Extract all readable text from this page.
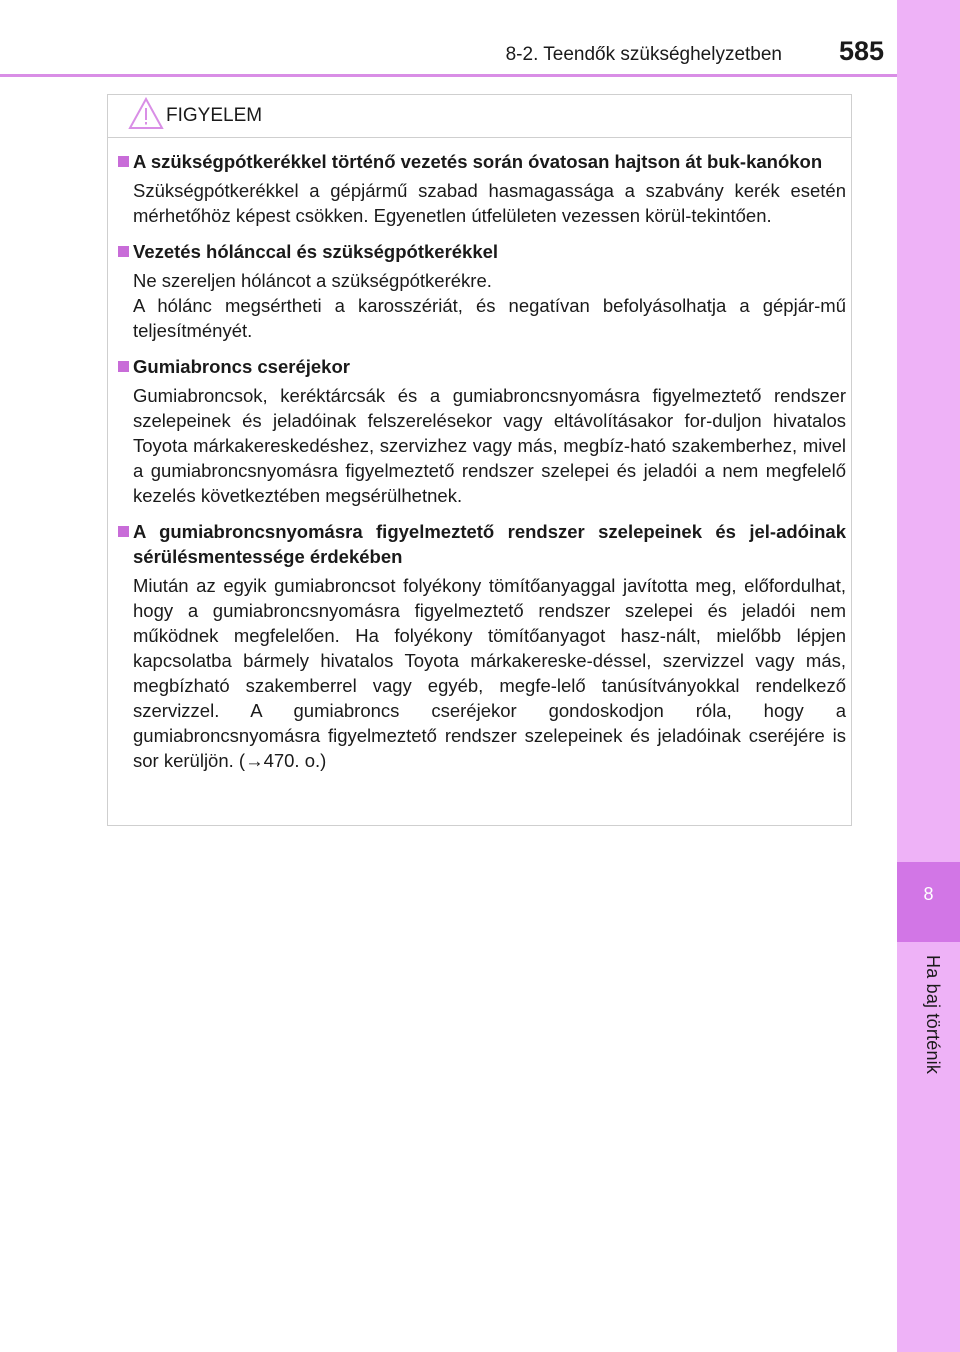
8-2. Teendők szükséghelyzetben	585
8
Ha baj történik
FIGYELEM
A szükségpótkerékkel történő vezetés során óvatosan hajtson át buk-kanókon

Szükségpótkerékkel a gépjármű szabad hasmagassága a szabvány kerék esetén mérhetőhöz képest csökken. Egyenetlen útfelületen vezessen körül-tekintően.

Vezetés hólánccal és szükségpótkerékkel

Ne szereljen hóláncot a szükségpótkerékre.

A hólánc megsértheti a karosszériát, és negatívan befolyásolhatja a gépjár-mű teljesítményét.

Gumiabroncs cseréjekor

Gumiabroncsok, keréktárcsák és a gumiabroncsnyomásra figyelmeztető rendszer szelepeinek és jeladóinak felszerelésekor vagy eltávolításakor for-duljon hivatalos Toyota márkakereskedéshez, szervizhez vagy más, megbíz-ható szakemberhez, mivel a gumiabroncsnyomásra figyelmeztető rendszer szelepei és jeladói a nem megfelelő kezelés következtében megsérülhetnek.

A gumiabroncsnyomásra figyelmeztető rendszer szelepeinek és jel-adóinak sérülésmentessége érdekében

Miután az egyik gumiabroncsot folyékony tömítőanyaggal javította meg, előfordulhat, hogy a gumiabroncsnyomásra figyelmeztető rendszer szelepei és jeladói nem működnek megfelelően. Ha folyékony tömítőanyagot hasz-nált, mielőbb lépjen kapcsolatba bármely hivatalos Toyota márkakereske-déssel, szervizzel vagy más, megbízható szakemberrel vagy egyéb, megfe-lelő tanúsítványokkal rendelkező szervizzel. A gumiabroncs cseréjekor gondoskodjon róla, hogy a gumiabroncsnyomásra figyelmeztető rendszer szelepeinek és jeladóinak cseréjére is sor kerüljön. (→470. o.)
